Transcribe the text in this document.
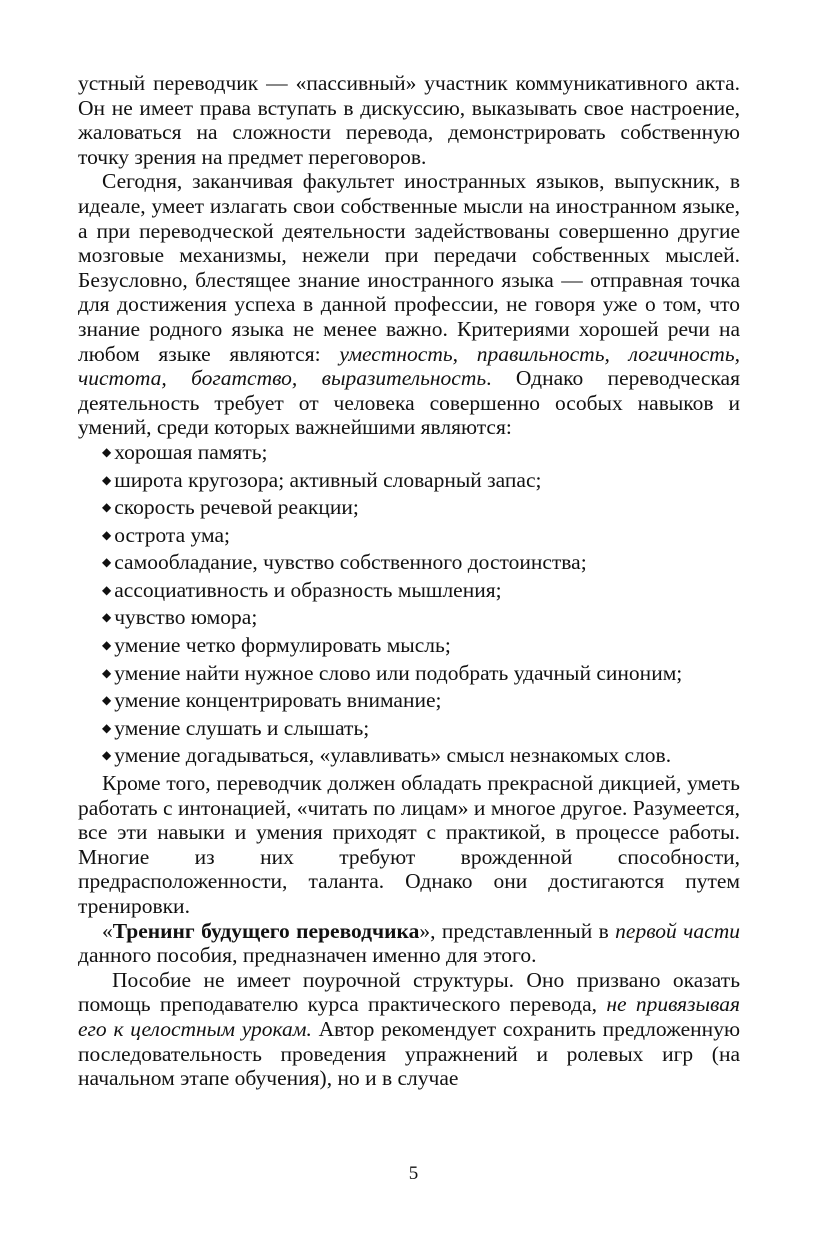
устный переводчик — «пассивный» участник коммуникативного акта. Он не имеет права вступать в дискуссию, выказывать свое настроение, жаловаться на сложности перевода, демонстрировать собственную точку зрения на предмет переговоров.

Сегодня, заканчивая факультет иностранных языков, выпускник, в идеале, умеет излагать свои собственные мысли на иностранном языке, а при переводческой деятельности задействованы совершенно другие мозговые механизмы, нежели при передачи собственных мыслей. Безусловно, блестящее знание иностранного языка — отправная точка для достижения успеха в данной профессии, не говоря уже о том, что знание родного языка не менее важно. Критериями хорошей речи на любом языке являются: уместность, правильность, логичность, чистота, богатство, выразительность. Однако переводческая деятельность требует от человека совершенно особых навыков и умений, среди которых важнейшими являются:

◆ хорошая память;
◆ широта кругозора; активный словарный запас;
◆ скорость речевой реакции;
◆ острота ума;
◆ самообладание, чувство собственного достоинства;
◆ ассоциативность и образность мышления;
◆ чувство юмора;
◆ умение четко формулировать мысль;
◆ умение найти нужное слово или подобрать удачный синоним;
◆ умение концентрировать внимание;
◆ умение слушать и слышать;
◆ умение догадываться, «улавливать» смысл незнакомых слов.

Кроме того, переводчик должен обладать прекрасной дикцией, уметь работать с интонацией, «читать по лицам» и многое другое. Разумеется, все эти навыки и умения приходят с практикой, в процессе работы. Многие из них требуют врожденной способности, предрасположенности, таланта. Однако они достигаются путем тренировки.

«Тренинг будущего переводчика», представленный в первой части данного пособия, предназначен именно для этого.

Пособие не имеет поурочной структуры. Оно призвано оказать помощь преподавателю курса практического перевода, не привязывая его к целостным урокам. Автор рекомендует сохранить предложенную последовательность проведения упражнений и ролевых игр (на начальном этапе обучения), но и в случае

5
